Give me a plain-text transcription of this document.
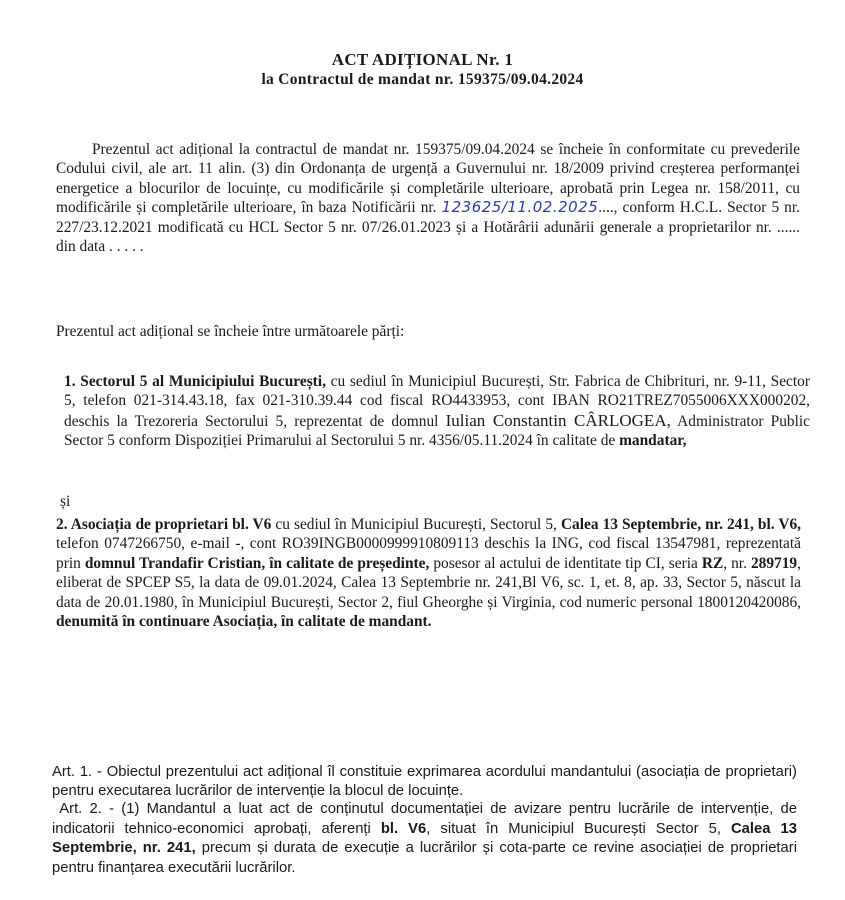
ACT ADIȚIONAL Nr. 1
la Contractul de mandat nr. 159375/09.04.2024
Prezentul act adițional la contractul de mandat nr. 159375/09.04.2024 se încheie în conformitate cu prevederile Codului civil, ale art. 11 alin. (3) din Ordonanța de urgență a Guvernului nr. 18/2009 privind creșterea performanței energetice a blocurilor de locuințe, cu modificările și completările ulterioare, aprobată prin Legea nr. 158/2011, cu modificările și completările ulterioare, în baza Notificării nr. 123625/11.02.2025...., conform H.C.L. Sector 5 nr. 227/23.12.2021 modificată cu HCL Sector 5 nr. 07/26.01.2023 și a Hotărârii adunării generale a proprietarilor nr. ...... din data . . . . .
Prezentul act adițional se încheie între următoarele părți:
1. Sectorul 5 al Municipiului București, cu sediul în Municipiul București, Str. Fabrica de Chibrituri, nr. 9-11, Sector 5, telefon 021-314.43.18, fax 021-310.39.44 cod fiscal RO4433953, cont IBAN RO21TREZ7055006XXX000202, deschis la Trezoreria Sectorului 5, reprezentat de domnul Iulian Constantin CÂRLOGEA, Administrator Public Sector 5 conform Dispoziției Primarului al Sectorului 5 nr. 4356/05.11.2024 în calitate de mandatar,
și
2. Asociația de proprietari bl. V6 cu sediul în Municipiul București, Sectorul 5, Calea 13 Septembrie, nr. 241, bl. V6, telefon 0747266750, e-mail -, cont RO39INGB0000999910809113 deschis la ING, cod fiscal 13547981, reprezentată prin domnul Trandafir Cristian, în calitate de președinte, posesor al actului de identitate tip CI, seria RZ, nr. 289719, eliberat de SPCEP S5, la data de 09.01.2024, Calea 13 Septembrie nr. 241,Bl V6, sc. 1, et. 8, ap. 33, Sector 5, născut la data de 20.01.1980, în Municipiul București, Sector 2, fiul Gheorghe și Virginia, cod numeric personal 1800120420086, denumită în continuare Asociația, în calitate de mandant.
Art. 1. - Obiectul prezentului act adițional îl constituie exprimarea acordului mandantului (asociația de proprietari) pentru executarea lucrărilor de intervenție la blocul de locuințe.
Art. 2. - (1) Mandantul a luat act de conținutul documentației de avizare pentru lucrările de intervenție, de indicatorii tehnico-economici aprobați, aferenți bl. V6, situat în Municipiul București Sector 5, Calea 13 Septembrie, nr. 241, precum și durata de execuție a lucrărilor și cota-parte ce revine asociației de proprietari pentru finanțarea executării lucrărilor.
